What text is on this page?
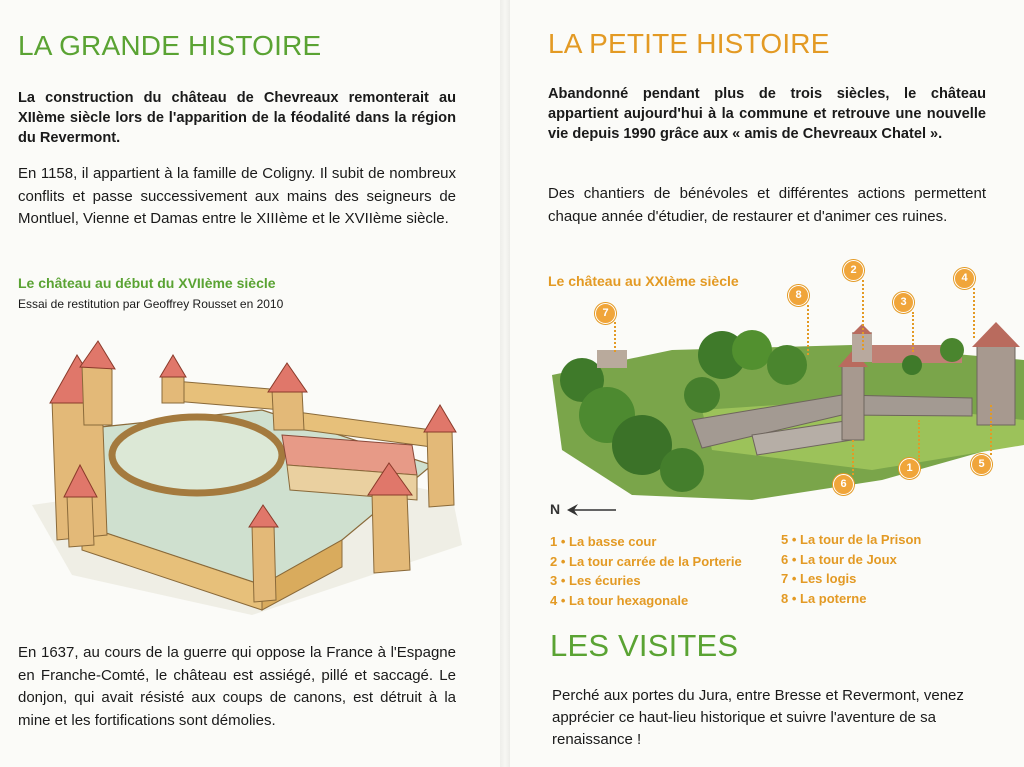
LA GRANDE HISTOIRE

La construction du château de Chevreaux remonterait au XIIème siècle lors de l'apparition de la féodalité dans la région du Revermont.

En 1158, il appartient à la famille de Coligny. Il subit de nombreux conflits et passe successivement aux mains des seigneurs de Montluel, Vienne et Damas entre le XIIIème et le XVIIème siècle.

Le château au début du XVIIème siècle

Essai de restitution par Geoffrey Rousset en 2010

En 1637, au cours de la guerre qui oppose la France à l'Espagne en Franche-Comté, le château est assiégé, pillé et saccagé. Le donjon, qui avait résisté aux coups de canons, est détruit à la mine et les fortifications sont démolies.

LA PETITE HISTOIRE

Abandonné pendant plus de trois siècles, le château appartient aujourd'hui à la commune et retrouve une nouvelle vie depuis 1990 grâce aux « amis de Chevreaux Chatel ».

Des chantiers de bénévoles et différentes actions permettent chaque année d'étudier, de restaurer et d'animer ces ruines.

Le château au XXIème siècle

7
8
2
3
4
1	5
6
N
1 • La basse cour
2 • La tour carrée de la Porterie
3 • Les écuries
4 • La tour hexagonale
5 • La tour de la Prison
6 • La tour de Joux
7 • Les logis
8 • La poterne
LES VISITES

Perché aux portes du Jura, entre Bresse et Revermont, venez apprécier ce haut-lieu historique et suivre l'aventure de sa renaissance !
